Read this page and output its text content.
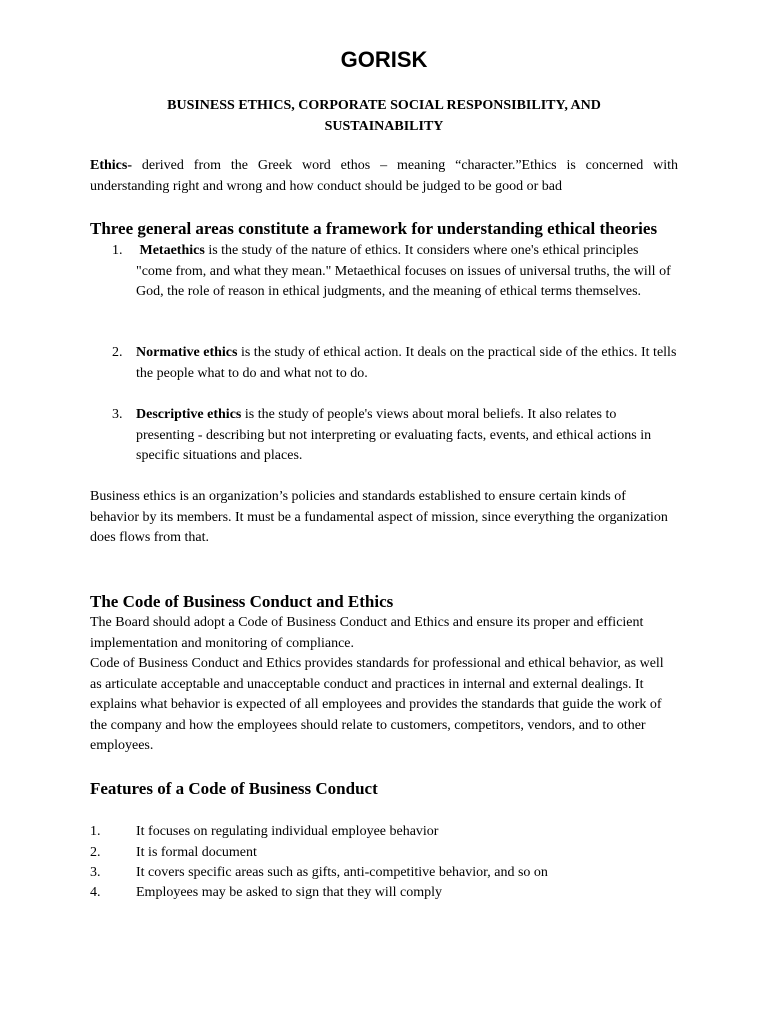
GORISK

BUSINESS ETHICS, CORPORATE SOCIAL RESPONSIBILITY, AND SUSTAINABILITY

Ethics- derived from the Greek word ethos – meaning “character.”Ethics is concerned with understanding right and wrong and how conduct should be judged to be good or bad

Three general areas constitute a framework for understanding ethical theories
1. Metaethics is the study of the nature of ethics. It considers where one's ethical principles "come from, and what they mean." Metaethical focuses on issues of universal truths, the will of God, the role of reason in ethical judgments, and the meaning of ethical terms themselves.
2. Normative ethics is the study of ethical action. It deals on the practical side of the ethics. It tells the people what to do and what not to do.
3. Descriptive ethics is the study of people's views about moral beliefs. It also relates to presenting - describing but not interpreting or evaluating facts, events, and ethical actions in specific situations and places.

Business ethics is an organization’s policies and standards established to ensure certain kinds of behavior by its members. It must be a fundamental aspect of mission, since everything the organization does flows from that.

The Code of Business Conduct and Ethics

The Board should adopt a Code of Business Conduct and Ethics and ensure its proper and efficient implementation and monitoring of compliance.

Code of Business Conduct and Ethics provides standards for professional and ethical behavior, as well as articulate acceptable and unacceptable conduct and practices in internal and external dealings. It explains what behavior is expected of all employees and provides the standards that guide the work of the company and how the employees should relate to customers, competitors, vendors, and to other employees.

Features of a Code of Business Conduct
1.	It focuses on regulating individual employee behavior
2.	It is formal document
3.	It covers specific areas such as gifts, anti-competitive behavior, and so on
4.	Employees may be asked to sign that they will comply
